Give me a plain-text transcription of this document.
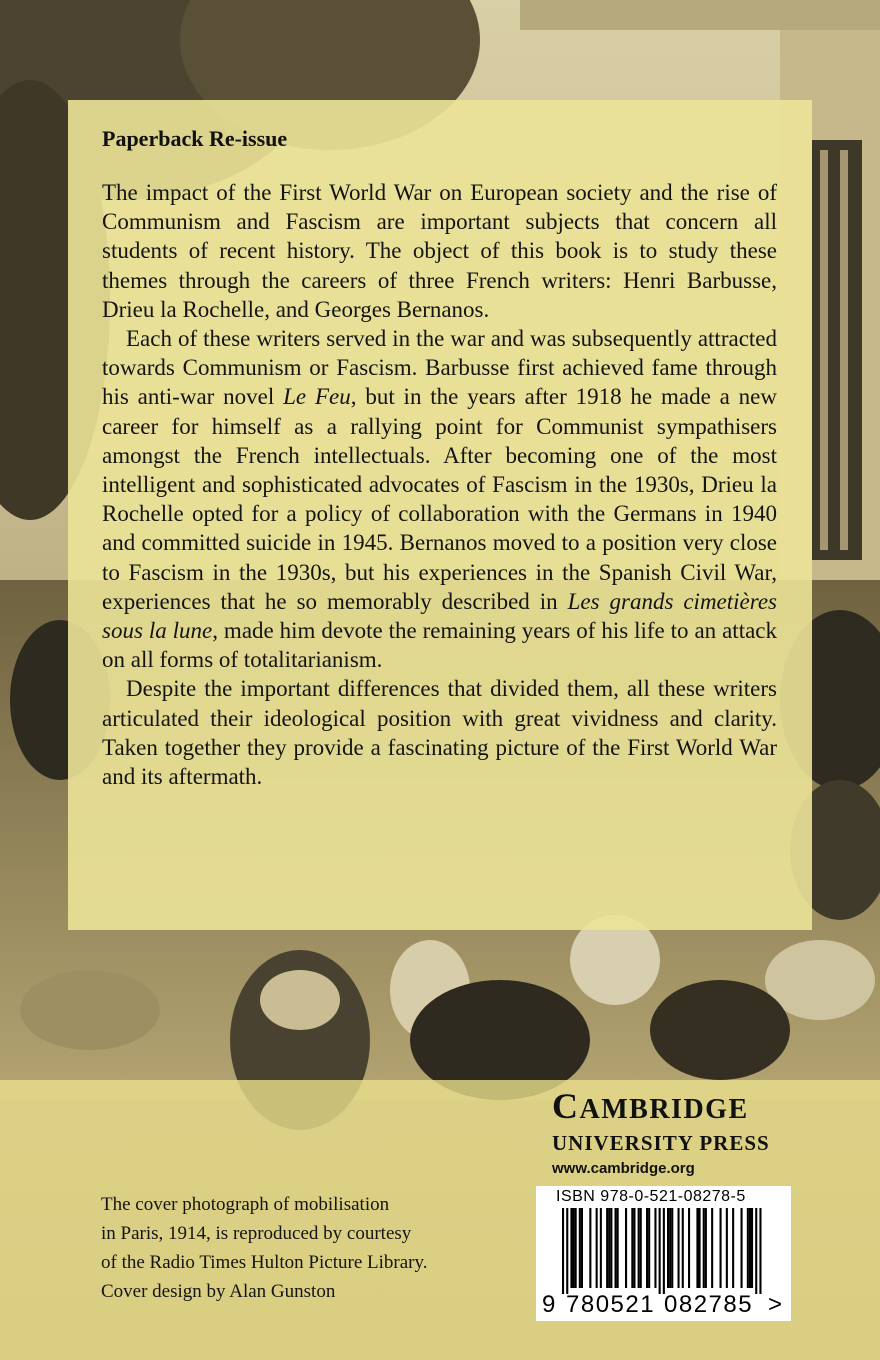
Paperback Re-issue

The impact of the First World War on European society and the rise of Communism and Fascism are important subjects that concern all students of recent history. The object of this book is to study these themes through the careers of three French writers: Henri Barbusse, Drieu la Rochelle, and Georges Bernanos.

Each of these writers served in the war and was subsequently attracted towards Communism or Fascism. Barbusse first achieved fame through his anti-war novel Le Feu, but in the years after 1918 he made a new career for himself as a rallying point for Communist sympathisers amongst the French intellectuals. After becoming one of the most intelligent and sophisticated advocates of Fascism in the 1930s, Drieu la Rochelle opted for a policy of collaboration with the Germans in 1940 and committed suicide in 1945. Bernanos moved to a position very close to Fascism in the 1930s, but his experiences in the Spanish Civil War, experiences that he so memorably described in Les grands cimetières sous la lune, made him devote the remaining years of his life to an attack on all forms of totalitarianism.

Despite the important differences that divided them, all these writers articulated their ideological position with great vividness and clarity. Taken together they provide a fascinating picture of the First World War and its aftermath.

CAMBRIDGE
UNIVERSITY PRESS
www.cambridge.org
The cover photograph of mobilisation
in Paris, 1914, is reproduced by courtesy
of the Radio Times Hulton Picture Library.
Cover design by Alan Gunston
ISBN 978-0-521-08278-5
9 780521 082785 >
